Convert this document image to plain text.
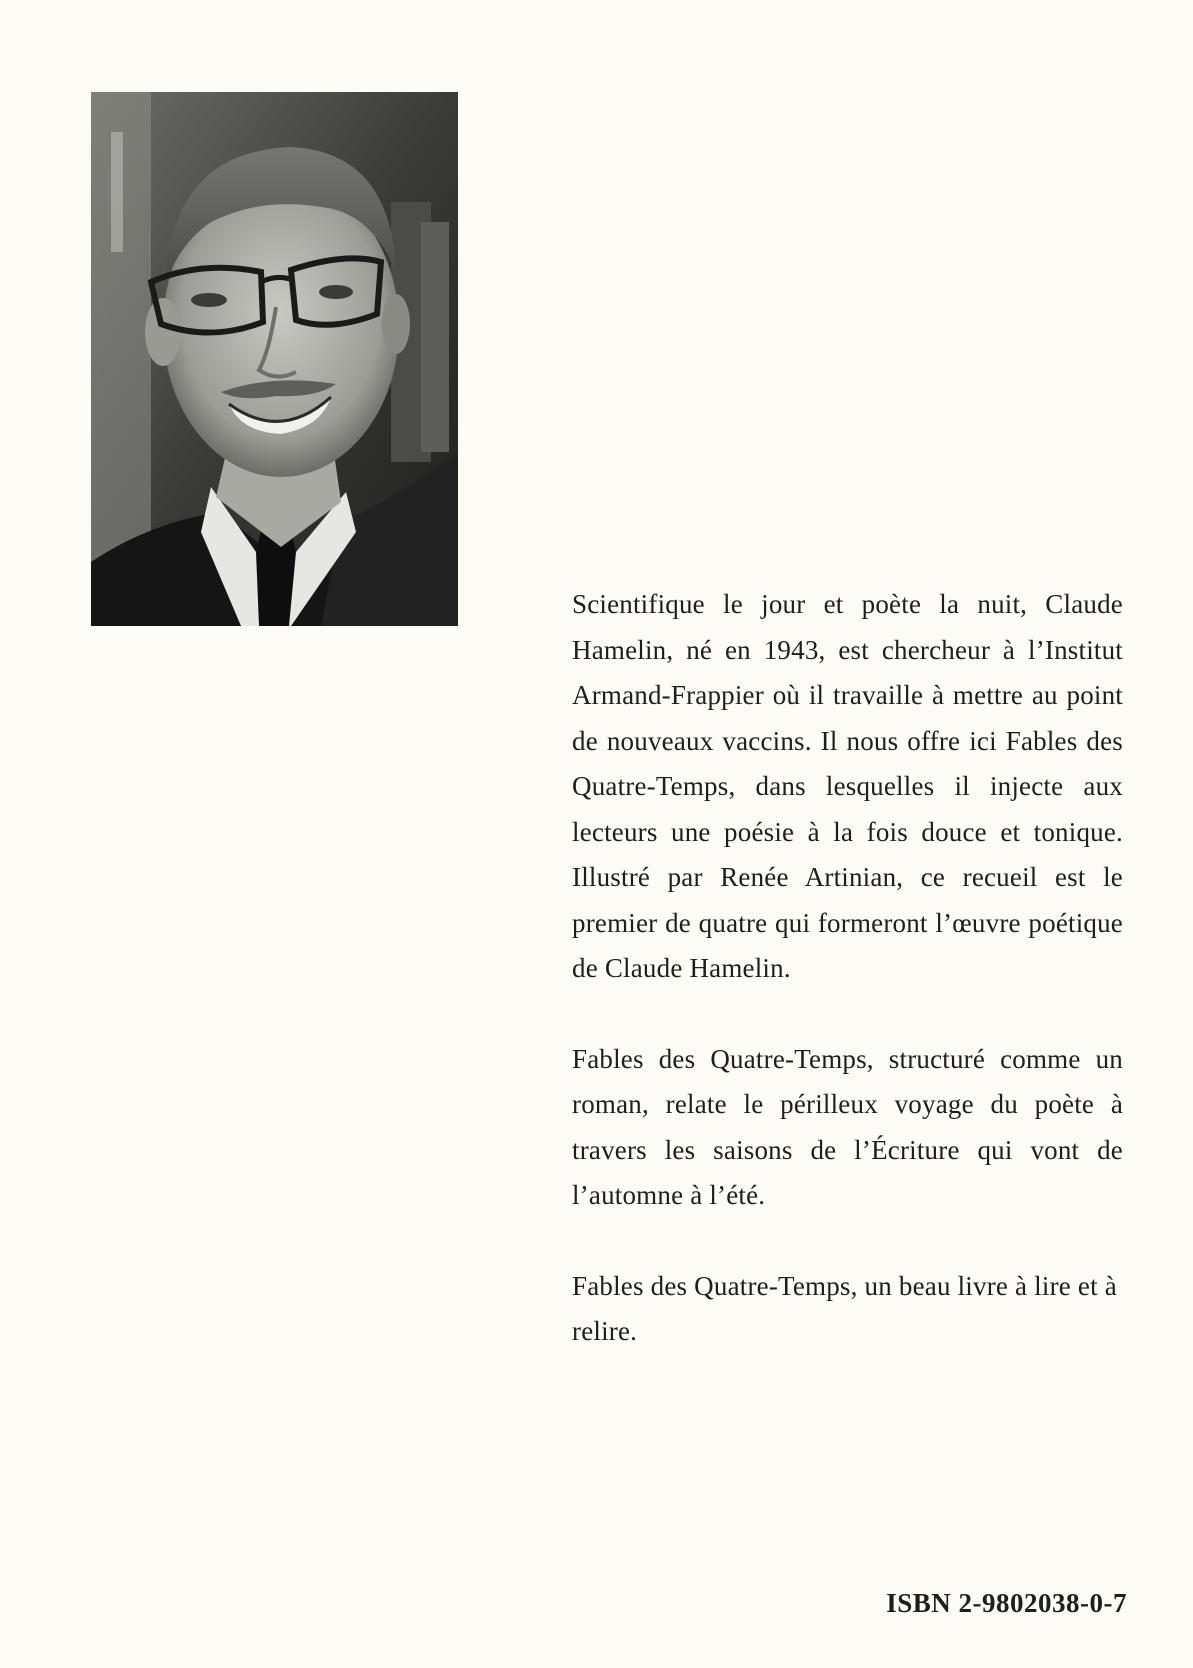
Scientifique le jour et poète la nuit, Claude Hamelin, né en 1943, est chercheur à l’Institut Armand-Frappier où il travaille à mettre au point de nouveaux vaccins. Il nous offre ici Fables des Quatre-Temps, dans lesquelles il injecte aux lecteurs une poésie à la fois douce et tonique. Illustré par Renée Artinian, ce recueil est le premier de quatre qui formeront l’œuvre poétique de Claude Hamelin.

Fables des Quatre-Temps, structuré comme un roman, relate le périlleux voyage du poète à travers les saisons de l’Écriture qui vont de l’automne à l’été.

Fables des Quatre-Temps, un beau livre à lire et à relire.

ISBN 2-9802038-0-7
